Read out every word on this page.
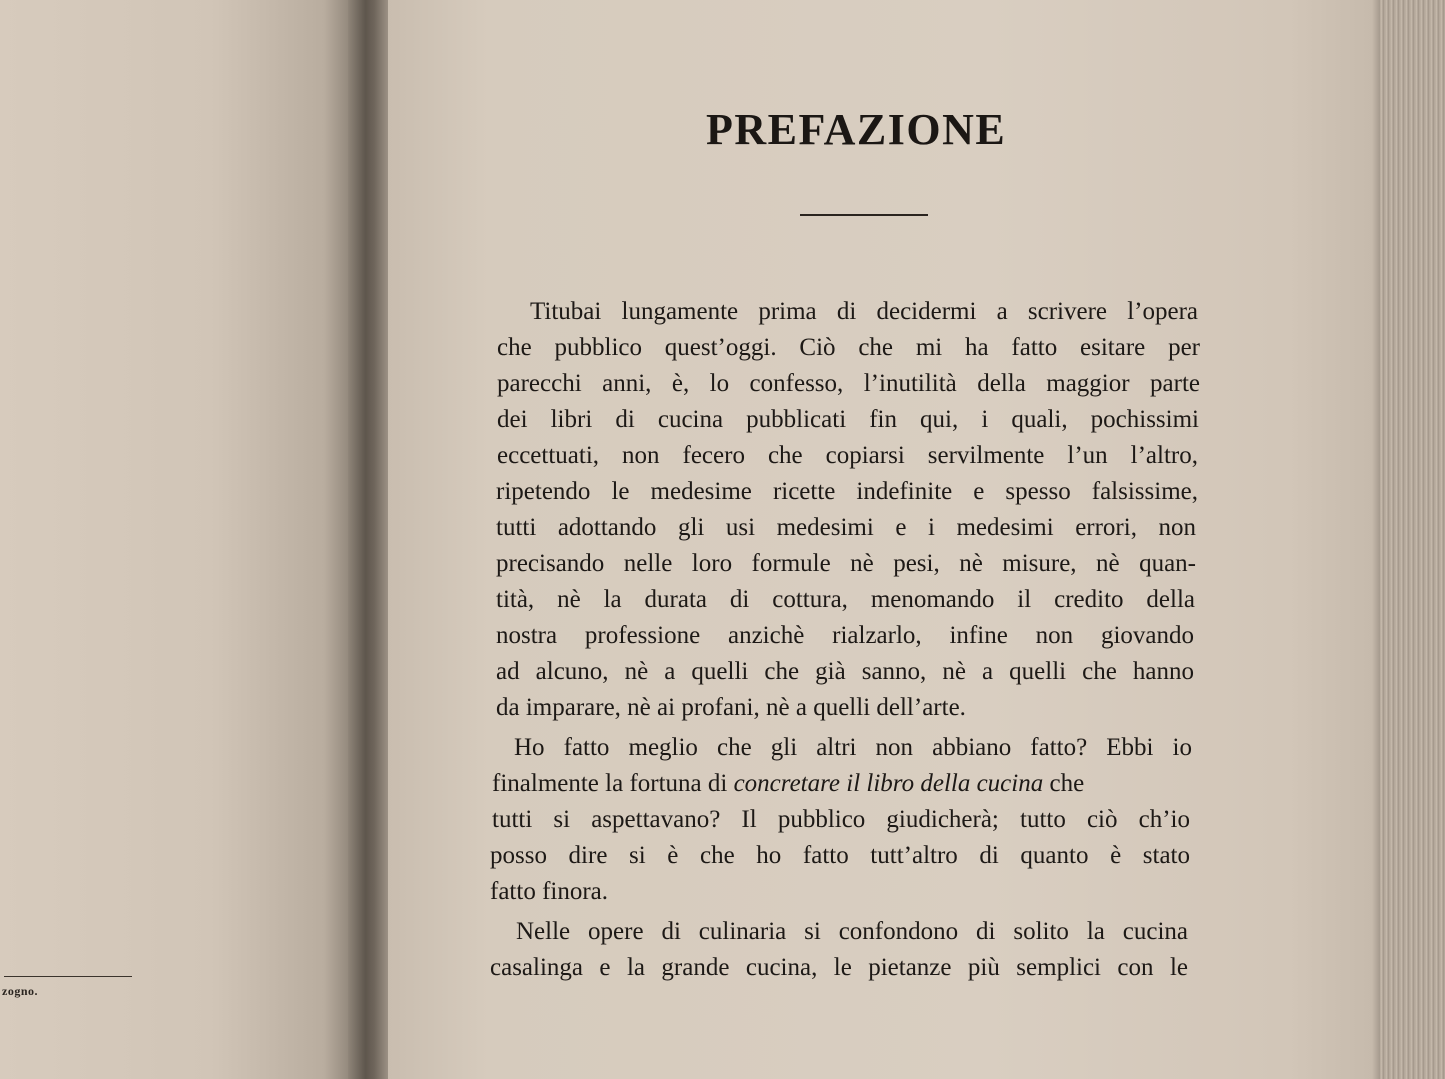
zogno.
PREFAZIONE
Titubai lungamente prima di decidermi a scrivere l’opera
che pubblico quest’oggi. Ciò che mi ha fatto esitare per
parecchi anni, è, lo confesso, l’inutilità della maggior parte
dei libri di cucina pubblicati fin qui, i quali, pochissimi
eccettuati, non fecero che copiarsi servilmente l’un l’altro,
ripetendo le medesime ricette indefinite e spesso falsissime,
tutti adottando gli usi medesimi e i medesimi errori, non
precisando nelle loro formule nè pesi, nè misure, nè quan-
tità, nè la durata di cottura, menomando il credito della
nostra professione anzichè rialzarlo, infine non giovando
ad alcuno, nè a quelli che già sanno, nè a quelli che hanno
da imparare, nè ai profani, nè a quelli dell’arte.
Ho fatto meglio che gli altri non abbiano fatto? Ebbi io
finalmente la fortuna di concretare il libro della cucina che
tutti si aspettavano? Il pubblico giudicherà; tutto ciò ch’io
posso dire si è che ho fatto tutt’altro di quanto è stato
fatto finora.
Nelle opere di culinaria si confondono di solito la cucina
casalinga e la grande cucina, le pietanze più semplici con le
